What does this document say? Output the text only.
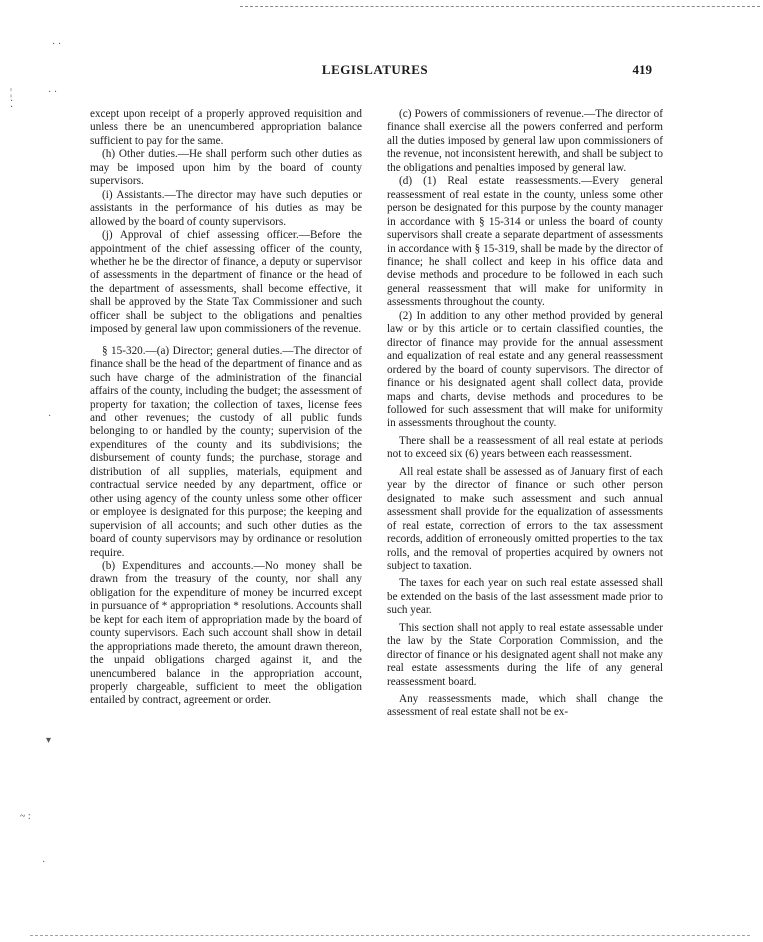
· ·
¦	· ·
⁚
·
▾
~ :
·
LEGISLATURES	419

except upon receipt of a properly approved requisition and unless there be an unencumbered appropriation balance sufficient to pay for the same.

(h) Other duties.—He shall perform such other duties as may be imposed upon him by the board of county supervisors.

(i) Assistants.—The director may have such deputies or assistants in the performance of his duties as may be allowed by the board of county supervisors.

(j) Approval of chief assessing officer.—Before the appointment of the chief assessing officer of the county, whether he be the director of finance, a deputy or supervisor of assessments in the department of finance or the head of the department of assessments, shall become effective, it shall be approved by the State Tax Commissioner and such officer shall be subject to the obligations and penalties imposed by general law upon commissioners of the revenue.

§ 15-320.—(a) Director; general duties.—The director of finance shall be the head of the department of finance and as such have charge of the administration of the financial affairs of the county, including the budget; the assessment of property for taxation; the collection of taxes, license fees and other revenues; the custody of all public funds belonging to or handled by the county; supervision of the expenditures of the county and its subdivisions; the disbursement of county funds; the purchase, storage and distribution of all supplies, materials, equipment and contractual service needed by any department, office or other using agency of the county unless some other officer or employee is designated for this purpose; the keeping and supervision of all accounts; and such other duties as the board of county supervisors may by ordinance or resolution require.

(b) Expenditures and accounts.—No money shall be drawn from the treasury of the county, nor shall any obligation for the expenditure of money be incurred except in pursuance of * appropriation * resolutions. Accounts shall be kept for each item of appropriation made by the board of county supervisors. Each such account shall show in detail the appropriations made thereto, the amount drawn thereon, the unpaid obligations charged against it, and the unencumbered balance in the appropriation account, properly chargeable, sufficient to meet the obligation entailed by contract, agreement or order.

(c) Powers of commissioners of revenue.—The director of finance shall exercise all the powers conferred and perform all the duties imposed by general law upon commissioners of the revenue, not inconsistent herewith, and shall be subject to the obligations and penalties imposed by general law.

(d) (1) Real estate reassessments.—Every general reassessment of real estate in the county, unless some other person be designated for this purpose by the county manager in accordance with § 15-314 or unless the board of county supervisors shall create a separate department of assessments in accordance with § 15-319, shall be made by the director of finance; he shall collect and keep in his office data and devise methods and procedure to be followed in each such general reassessment that will make for uniformity in assessments throughout the county.

(2) In addition to any other method provided by general law or by this article or to certain classified counties, the director of finance may provide for the annual assessment and equalization of real estate and any general reassessment ordered by the board of county supervisors. The director of finance or his designated agent shall collect data, provide maps and charts, devise methods and procedures to be followed for such assessment that will make for uniformity in assessments throughout the county.

There shall be a reassessment of all real estate at periods not to exceed six (6) years between each reassessment.

All real estate shall be assessed as of January first of each year by the director of finance or such other person designated to make such assessment and such annual assessment shall provide for the equalization of assessments of real estate, correction of errors to the tax assessment records, addition of erroneously omitted properties to the tax rolls, and the removal of properties acquired by owners not subject to taxation.

The taxes for each year on such real estate assessed shall be extended on the basis of the last assessment made prior to such year.

This section shall not apply to real estate assessable under the law by the State Corporation Commission, and the director of finance or his designated agent shall not make any real estate assessments during the life of any general reassessment board.

Any reassessments made, which shall change the assessment of real estate shall not be ex-
